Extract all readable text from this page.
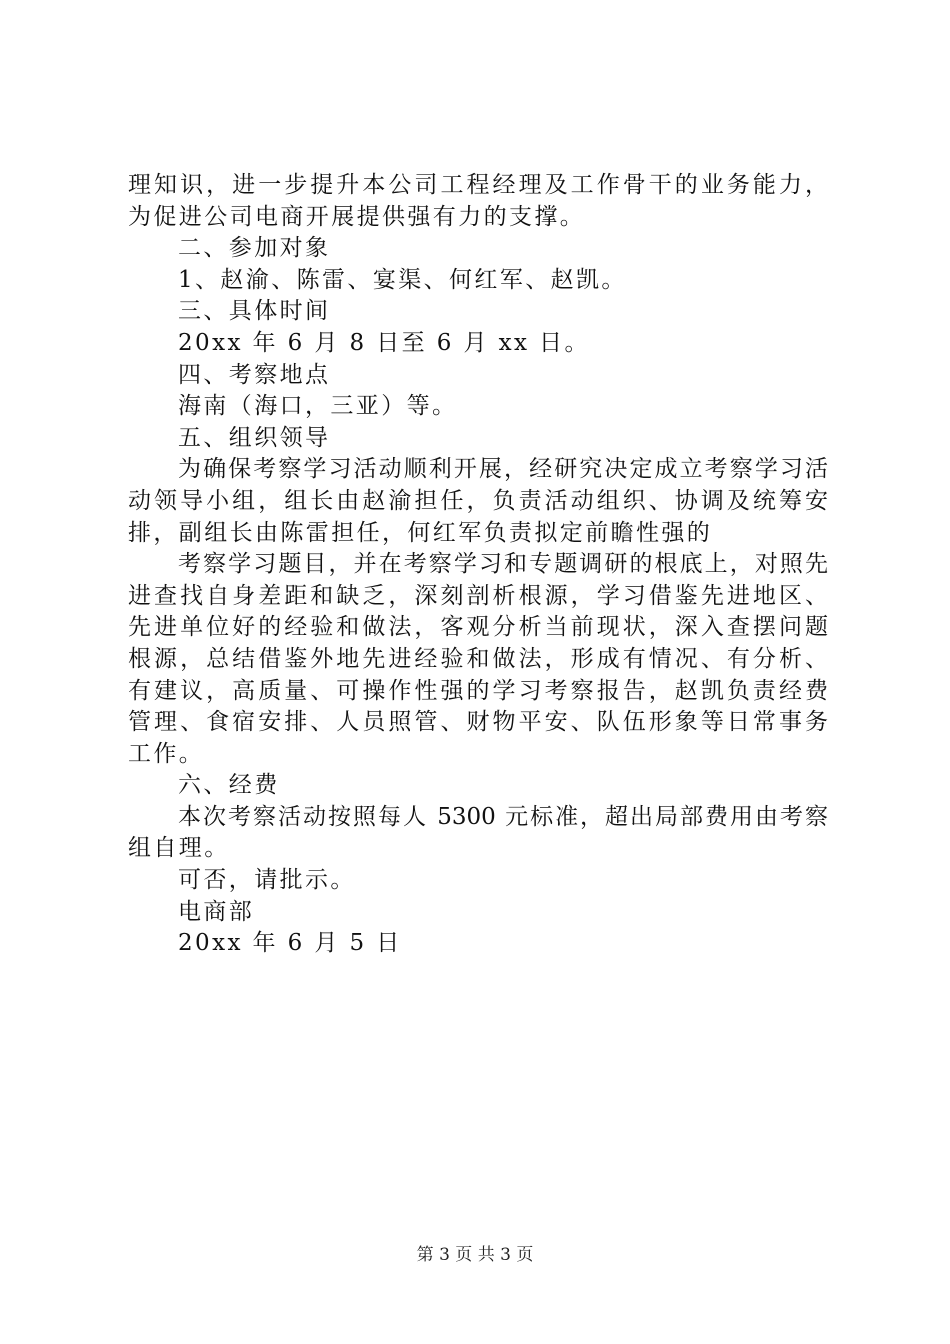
理知识，进一步提升本公司工程经理及工作骨干的业务能力，
为促进公司电商开展提供强有力的支撑。
二、参加对象
1、赵渝、陈雷、宴渠、何红军、赵凯。
三、具体时间
20xx 年 6 月 8 日至 6 月 xx 日。
四、考察地点
海南（海口，三亚）等。
五、组织领导
为确保考察学习活动顺利开展，经研究决定成立考察学习活
动领导小组，组长由赵渝担任，负责活动组织、协调及统筹安
排，副组长由陈雷担任，何红军负责拟定前瞻性强的
考察学习题目，并在考察学习和专题调研的根底上，对照先
进查找自身差距和缺乏，深刻剖析根源，学习借鉴先进地区、
先进单位好的经验和做法，客观分析当前现状，深入查摆问题
根源，总结借鉴外地先进经验和做法，形成有情况、有分析、
有建议，高质量、可操作性强的学习考察报告，赵凯负责经费
管理、食宿安排、人员照管、财物平安、队伍形象等日常事务
工作。
六、经费
本次考察活动按照每人 5300 元标准，超出局部费用由考察
组自理。
可否，请批示。
电商部
20xx 年 6 月 5 日
第 3 页 共 3 页
